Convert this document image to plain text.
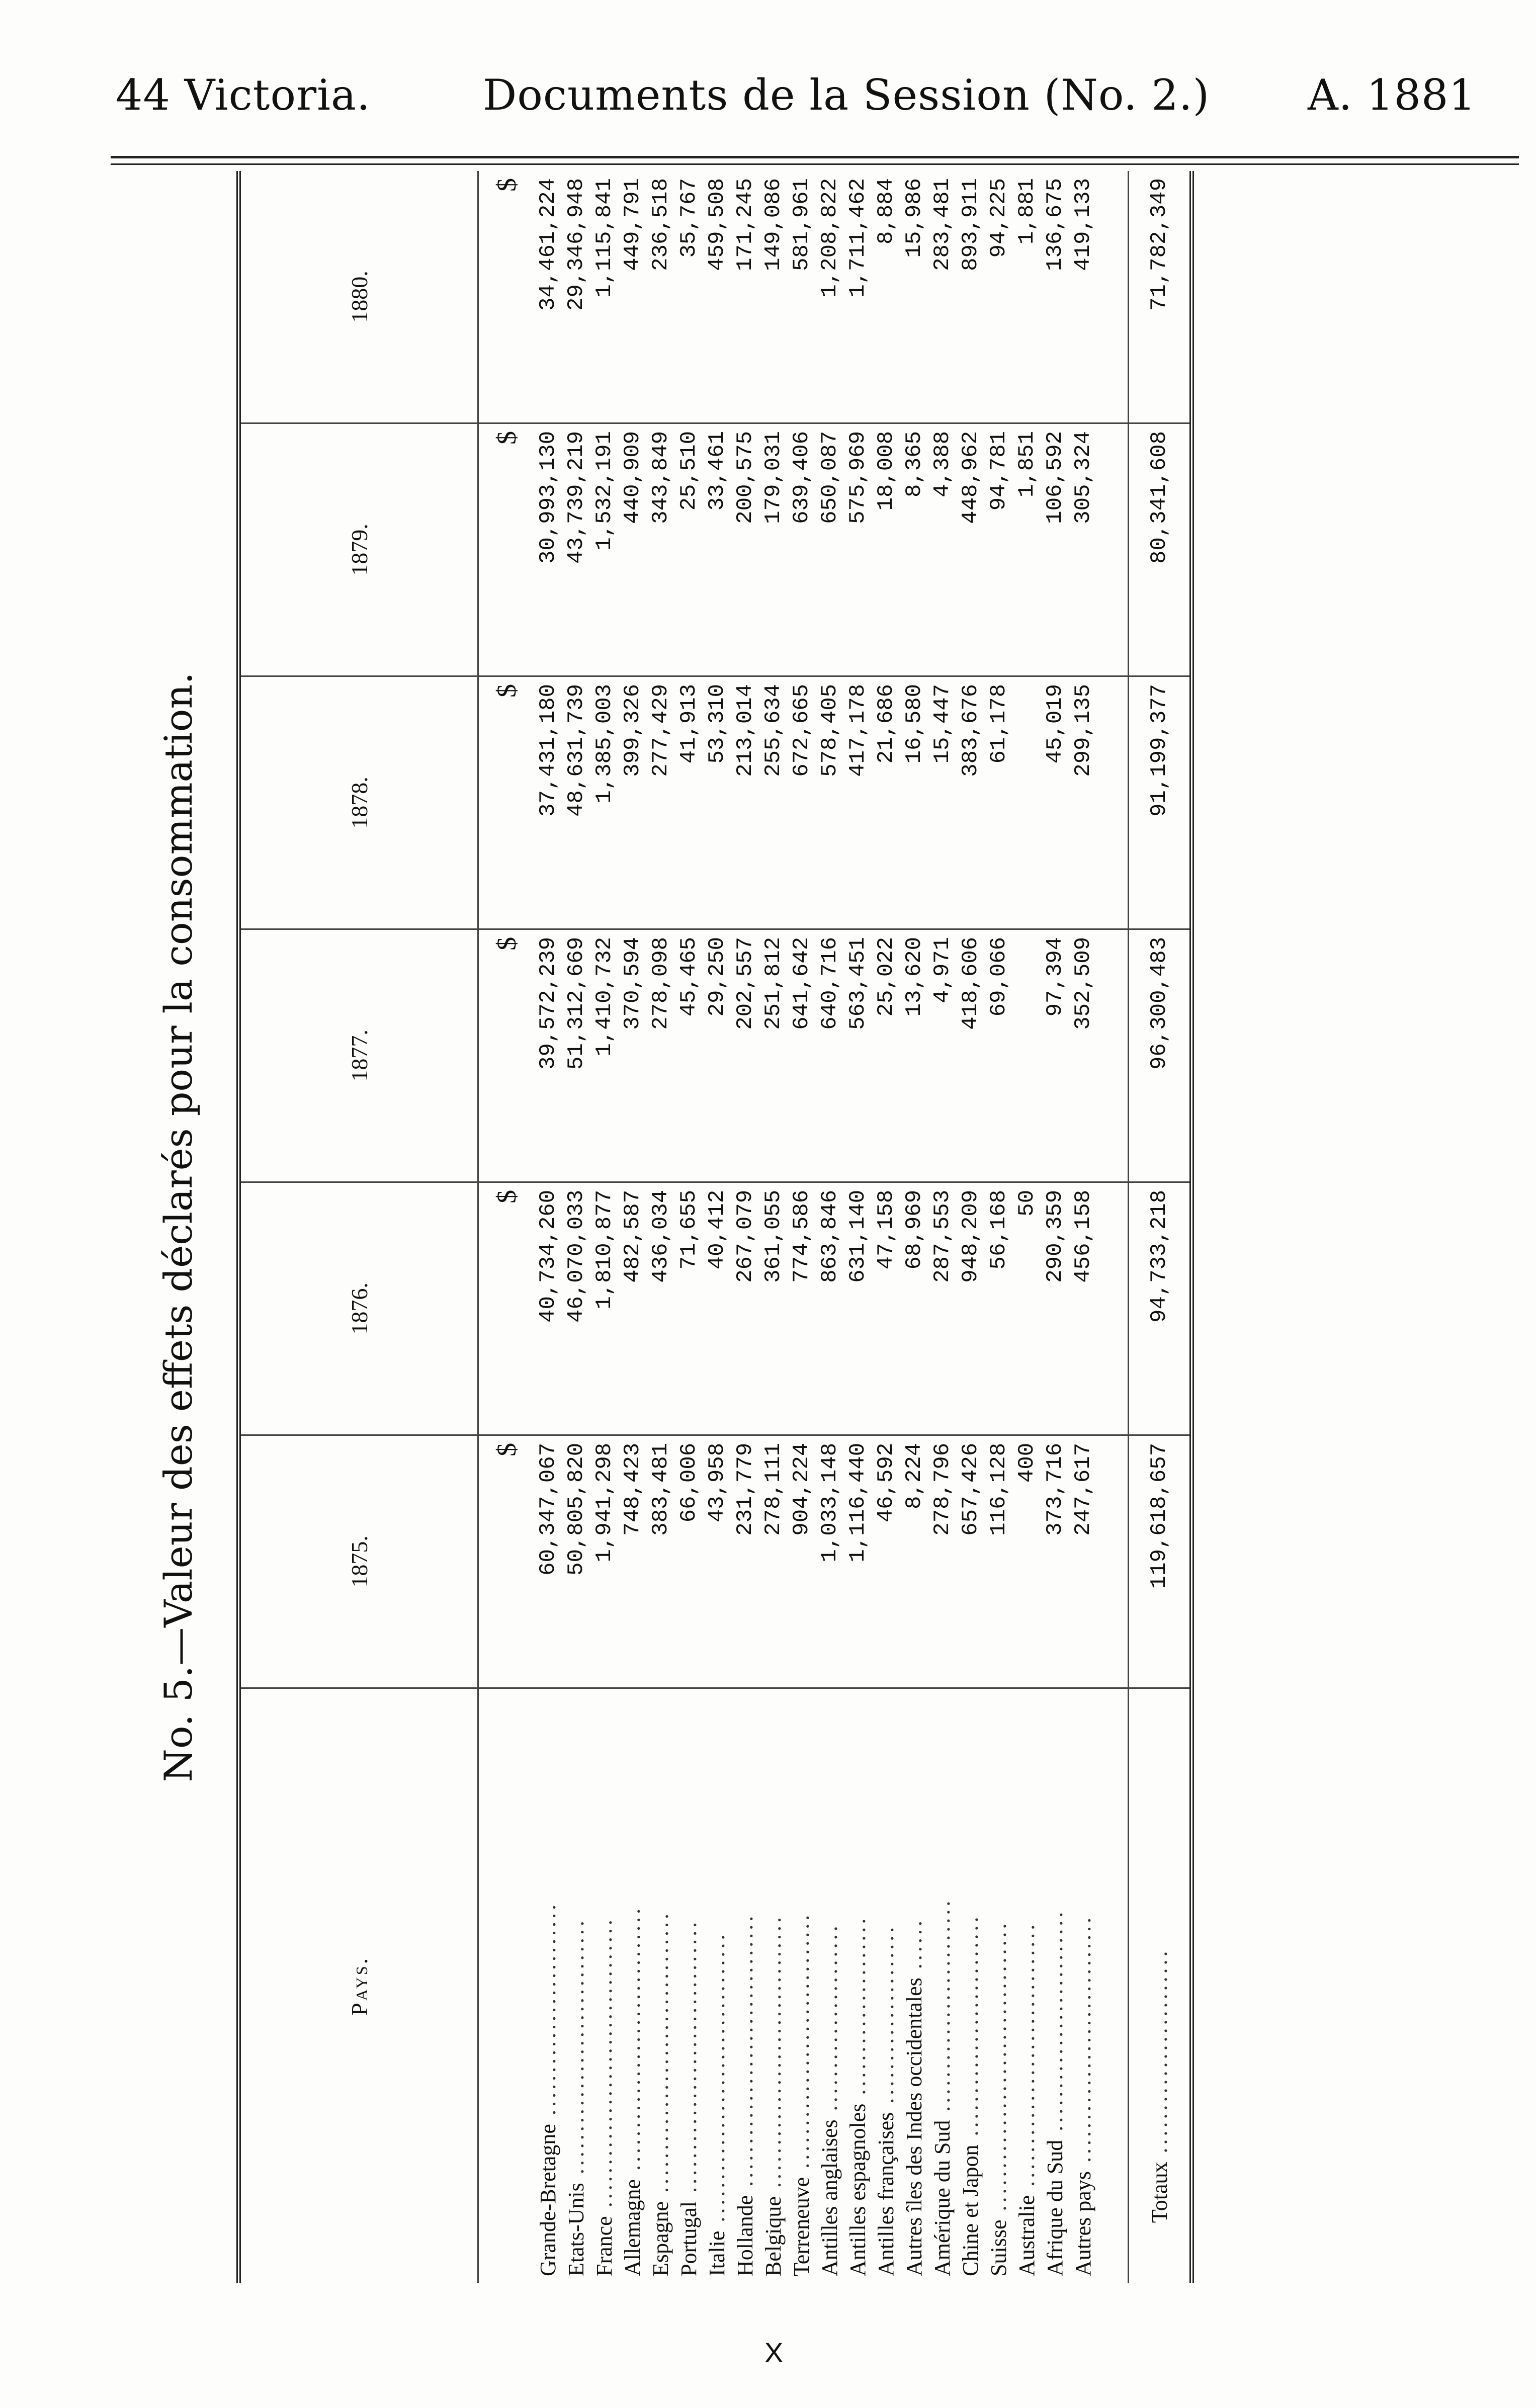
44 Victoria.	Documents de la Session (No. 2.) A. 1881
No. 5.—Valeur des effets déclarés pour la consommation.
Pays.	1875.	1876.	1877.	1878.	1879.	1880.
	$	$	$	$	$	$
Grande-Bretagne .........................	60,347,067	40,734,260	39,572,239	37,431,180	30,993,130	34,461,224
Etats-Unis ..............................	50,805,820	46,070,033	51,312,669	48,631,739	43,739,219	29,346,948
France ..................................	1,941,298	1,810,877	1,410,732	1,385,003	1,532,191	1,115,841
Allemagne ...............................	748,423	482,587	370,594	399,326	440,909	449,791
Espagne .................................	383,481	436,034	278,098	277,429	343,849	236,518
Portugal ................................	66,006	71,655	45,465	41,913	25,510	35,767
Italie ..................................	43,958	40,412	29,250	53,310	33,461	459,508
Hollande ................................	231,779	267,079	202,557	213,014	200,575	171,245
Belgique ................................	278,111	361,055	251,812	255,634	179,031	149,086
Terreneuve ..............................	904,224	774,586	641,642	672,665	639,406	581,961
Antilles anglaises ......................	1,033,148	863,846	640,716	578,405	650,087	1,208,822
Antilles espagnoles .....................	1,116,440	631,140	563,451	417,178	575,969	1,711,462
Antilles françaises .....................	46,592	47,158	25,022	21,686	18,008	8,884
Autres îles des Indes occidentales ......	8,224	68,969	13,620	16,580	8,365	15,986
Amérique du Sud .........................	278,796	287,553	4,971	15,447	4,388	283,481
Chine et Japon ..........................	657,426	948,209	418,606	383,676	448,962	893,911
Suisse ..................................	116,128	56,168	69,066	61,178	94,781	94,225
Australie ...............................	400	50			1,851	1,881
Afrique du Sud ..........................	373,716	290,359	97,394	45,019	106,592	136,675
Autres pays .............................	247,617	456,158	352,509	299,135	305,324	419,133

Totaux ........................	119,618,657	94,733,218	96,300,483	91,199,377	80,341,608	71,782,349
X
